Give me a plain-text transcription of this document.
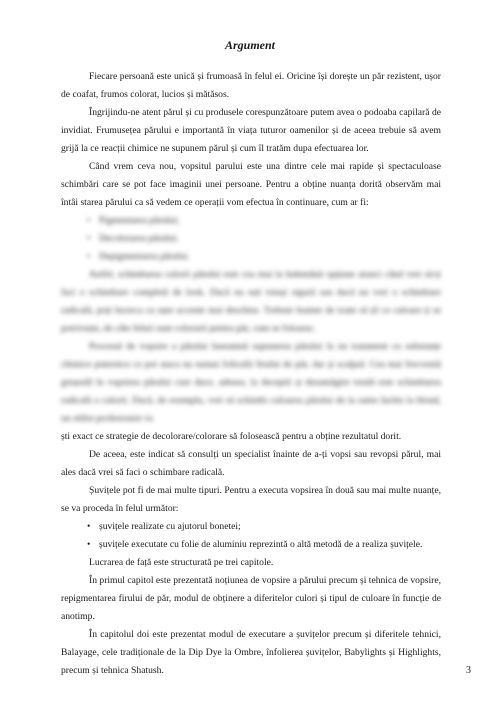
Argument

Fiecare persoană este unică și frumoasă în felul ei. Oricine își dorește un păr rezistent, ușor de coafat, frumos colorat, lucios și mătăsos.

Îngrijindu-ne atent părul și cu produsele corespunzătoare putem avea o podoaba capilară de invidiat. Frumusețea părului e importantă în viața tuturor oamenilor și de aceea trebuie să avem grijă la ce reacții chimice ne supunem părul și cum îl tratăm dupa efectuarea lor.

Când vrem ceva nou, vopsitul parului este una dintre cele mai rapide și spectaculoase schimbări care se pot face imaginii unei persoane. Pentru a obține nuanța dorită observăm mai întâi starea părului ca să vedem ce operații vom efectua în continuare, cum ar fi:

• Pigmentarea părului;
• Decolorarea părului;
• Depigmentarea părului.

Astfel, schimbarea culorii părului este cea mai la îndemână opțiune atunci când vrei să-ți faci o schimbare completă de look. Dacă nu ești totuși sigură sau dacă nu vrei o schimbare radicală, poți încerca cu nște accente mai deschise. Trebuie înainte de toate să țil ce culoare ți se potrivește, de câte feluri sunt colorarii pentru păr, cum se folosesc.

Procesul de vopsire a părului înseamnă supunerea părului la un tratament cu substanțe chimice puternice ce pot ataca nu numai foliculii firului de păr, dar și scalpul. Cea mai frecventă greșeală în vopsirea părului care duce, adesea, la deceptii și dezamăgire totală este schimbarea radicală a culorii. Dacă, de exemplu, vrei să schimbi culoarea părului de la saten închis la blond, un stilist profesionist va

ști exact ce strategie de decolorare/colorare să folosească pentru a obține rezultatul dorit.

De aceea, este indicat să consulți un specialist înainte de a-ți vopsi sau revopsi părul, mai ales dacă vrei să faci o schimbare radicală.

Șuvițele pot fi de mai multe tipuri. Pentru a executa vopsirea în două sau mai multe nuanțe, se va proceda în felul următor:

• șuvițele realizate cu ajutorul bonetei;
• șuvițele executate cu folie de aluminiu reprezintă o altă metodă de a realiza șuvițele.

Lucrarea de față este structurată pe trei capitole.

În primul capitol este prezentată noțiunea de vopsire a părului precum și tehnica de vopsire, repigmentarea firului de păr, modul de obținere a diferitelor culori și tipul de culoare în funcție de anotimp.

În capitolul doi este prezentat modul de executare a șuvițelor precum și diferitele tehnici, Balayage, cele tradiționale de la Dip Dye la Ombre, înfolierea șuvițelor, Babylights și Highlights, precum și tehnica Shatush.	3
